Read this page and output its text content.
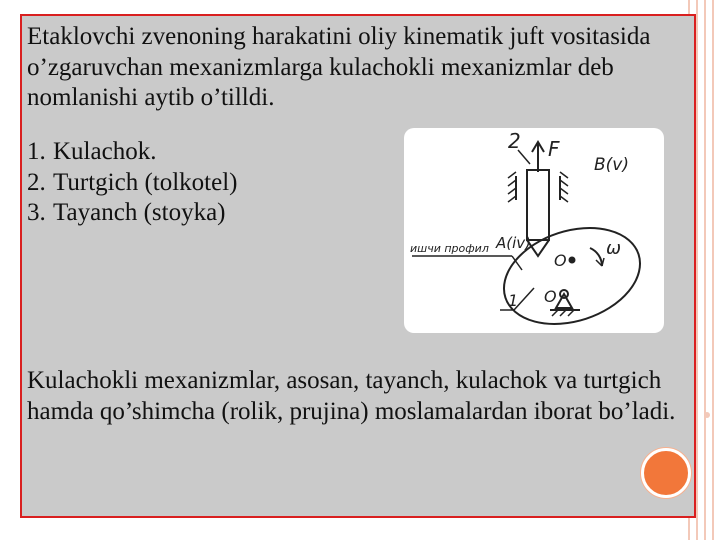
Etaklovchi zvenoning harakatini oliy kinematik juft vositasida o’zgaruvchan mexanizmlarga kulachokli mexanizmlar deb nomlanishi aytib o’tilldi.
1. Kulachok.
2. Turtgich (tolkotel)
3. Tayanch (stoyka)
2 F
B(v)
A(iv)
ишчи профил
O
ω
O
1
Kulachokli mexanizmlar, asosan, tayanch, kulachok va turtgich hamda qo’shimcha (rolik, prujina) moslamalardan iborat bo’ladi.
